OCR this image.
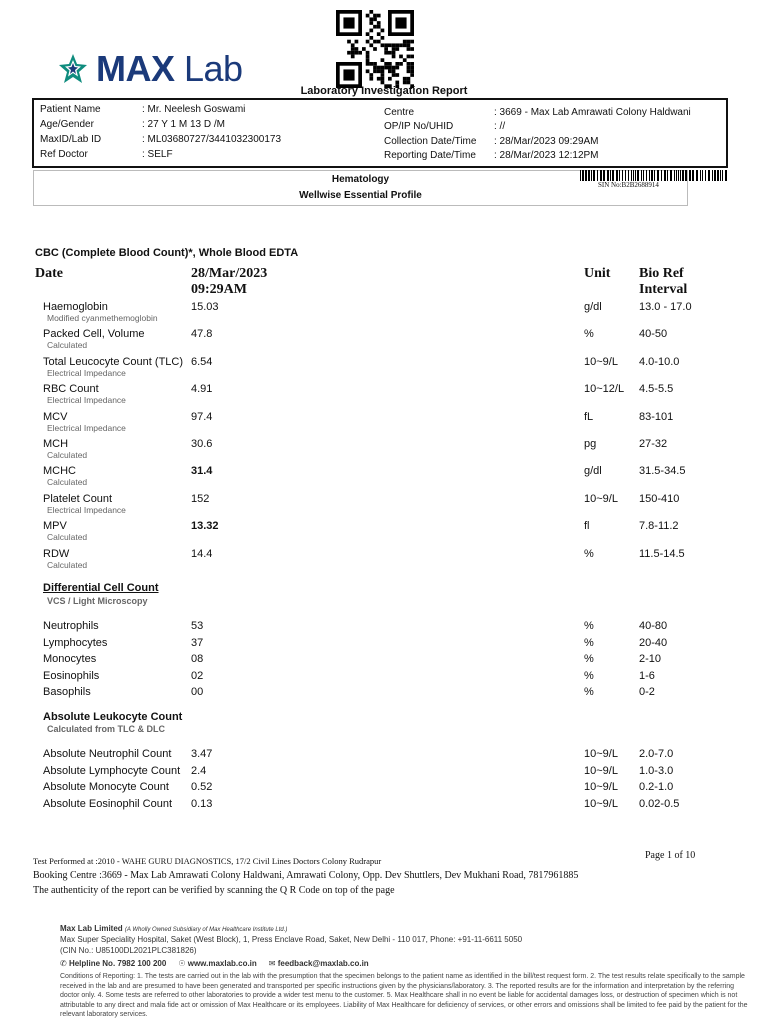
MAX Lab
Laboratory Investigation Report
Patient Name	: Mr. Neelesh Goswami
Age/Gender	: 27 Y 1 M 13 D /M
MaxID/Lab ID	: ML03680727/3441032300173
Ref Doctor	: SELF
Centre	: 3669 - Max Lab Amrawati Colony Haldwani
OP/IP No/UHID	: //
Collection Date/Time : 28/Mar/2023 09:29AM
Reporting Date/Time : 28/Mar/2023 12:12PM
Hematology
Wellwise Essential Profile
SIN No:B2B2688914
CBC (Complete Blood Count)*, Whole Blood EDTA
Date	28/Mar/2023
09:29AM
Unit Bio Ref
Interval
Haemoglobin
Modified cyanmethemoglobin
15.03	g/dl	13.0 - 17.0
Packed Cell, Volume
Calculated
47.8	%	40-50
Total Leucocyte Count (TLC)
Electrical Impedance
6.54	10~9/L 4.0-10.0
RBC Count
Electrical Impedance
4.91	10~12/L 4.5-5.5
MCV
Electrical Impedance
97.4	fL	83-101
MCH
Calculated
30.6	pg	27-32
MCHC
Calculated
31.4	g/dl	31.5-34.5
Platelet Count
Electrical Impedance
152	10~9/L 150-410
MPV
Calculated
13.32	fl	7.8-11.2
RDW
Calculated
14.4	%	11.5-14.5
Differential Cell Count
VCS / Light Microscopy
Neutrophils	53	%	40-80
Lymphocytes	37	%	20-40
Monocytes	08	%	2-10
Eosinophils	02	%	1-6
Basophils	00	%	0-2
Absolute Leukocyte Count
Calculated from TLC & DLC
Absolute Neutrophil Count 3.47	10~9/L 2.0-7.0
Absolute Lymphocyte Count 2.4	10~9/L 1.0-3.0
Absolute Monocyte Count 0.52	10~9/L 0.2-1.0
Absolute Eosinophil Count 0.13	10~9/L 0.02-0.5
Test Performed at :2010 - WAHE GURU DIAGNOSTICS, 17/2 Civil Lines Doctors Colony Rudrapur	Page 1 of 10
Booking Centre :3669 - Max Lab Amrawati Colony Haldwani, Amrawati Colony, Opp. Dev Shuttlers, Dev Mukhani Road, 7817961885
The authenticity of the report can be verified by scanning the Q R Code on top of the page
Max Lab Limited (A Wholly Owned Subsidiary of Max Healthcare Institute Ltd.)
Max Super Speciality Hospital, Saket (West Block), 1, Press Enclave Road, Saket, New Delhi - 110 017, Phone: +91-11-6611 5050
(CIN No.: U85100DL2021PLC381826)
✆ Helpline No. 7982 100 200 ☉ www.maxlab.co.in ✉ feedback@maxlab.co.in
Conditions of Reporting: 1. The tests are carried out in the lab with the presumption that the specimen belongs to the patient name as identified in the bill/test request form. 2. The test results relate specifically to the sample received in the lab and are presumed to have been generated and transported per specific instructions given by the physicians/laboratory. 3. The reported results are for the information and interpretation by the referring doctor only. 4. Some tests are referred to other laboratories to provide a wider test menu to the customer. 5. Max Healthcare shall in no event be liable for accidental damages loss, or destruction of specimen which is not attributable to any direct and mala fide act or omission of Max Healthcare or its employees. Liability of Max Healthcare for deficiency of services, or other errors and omissions shall be limited to fee paid by the patient for the relevant laboratory services.
